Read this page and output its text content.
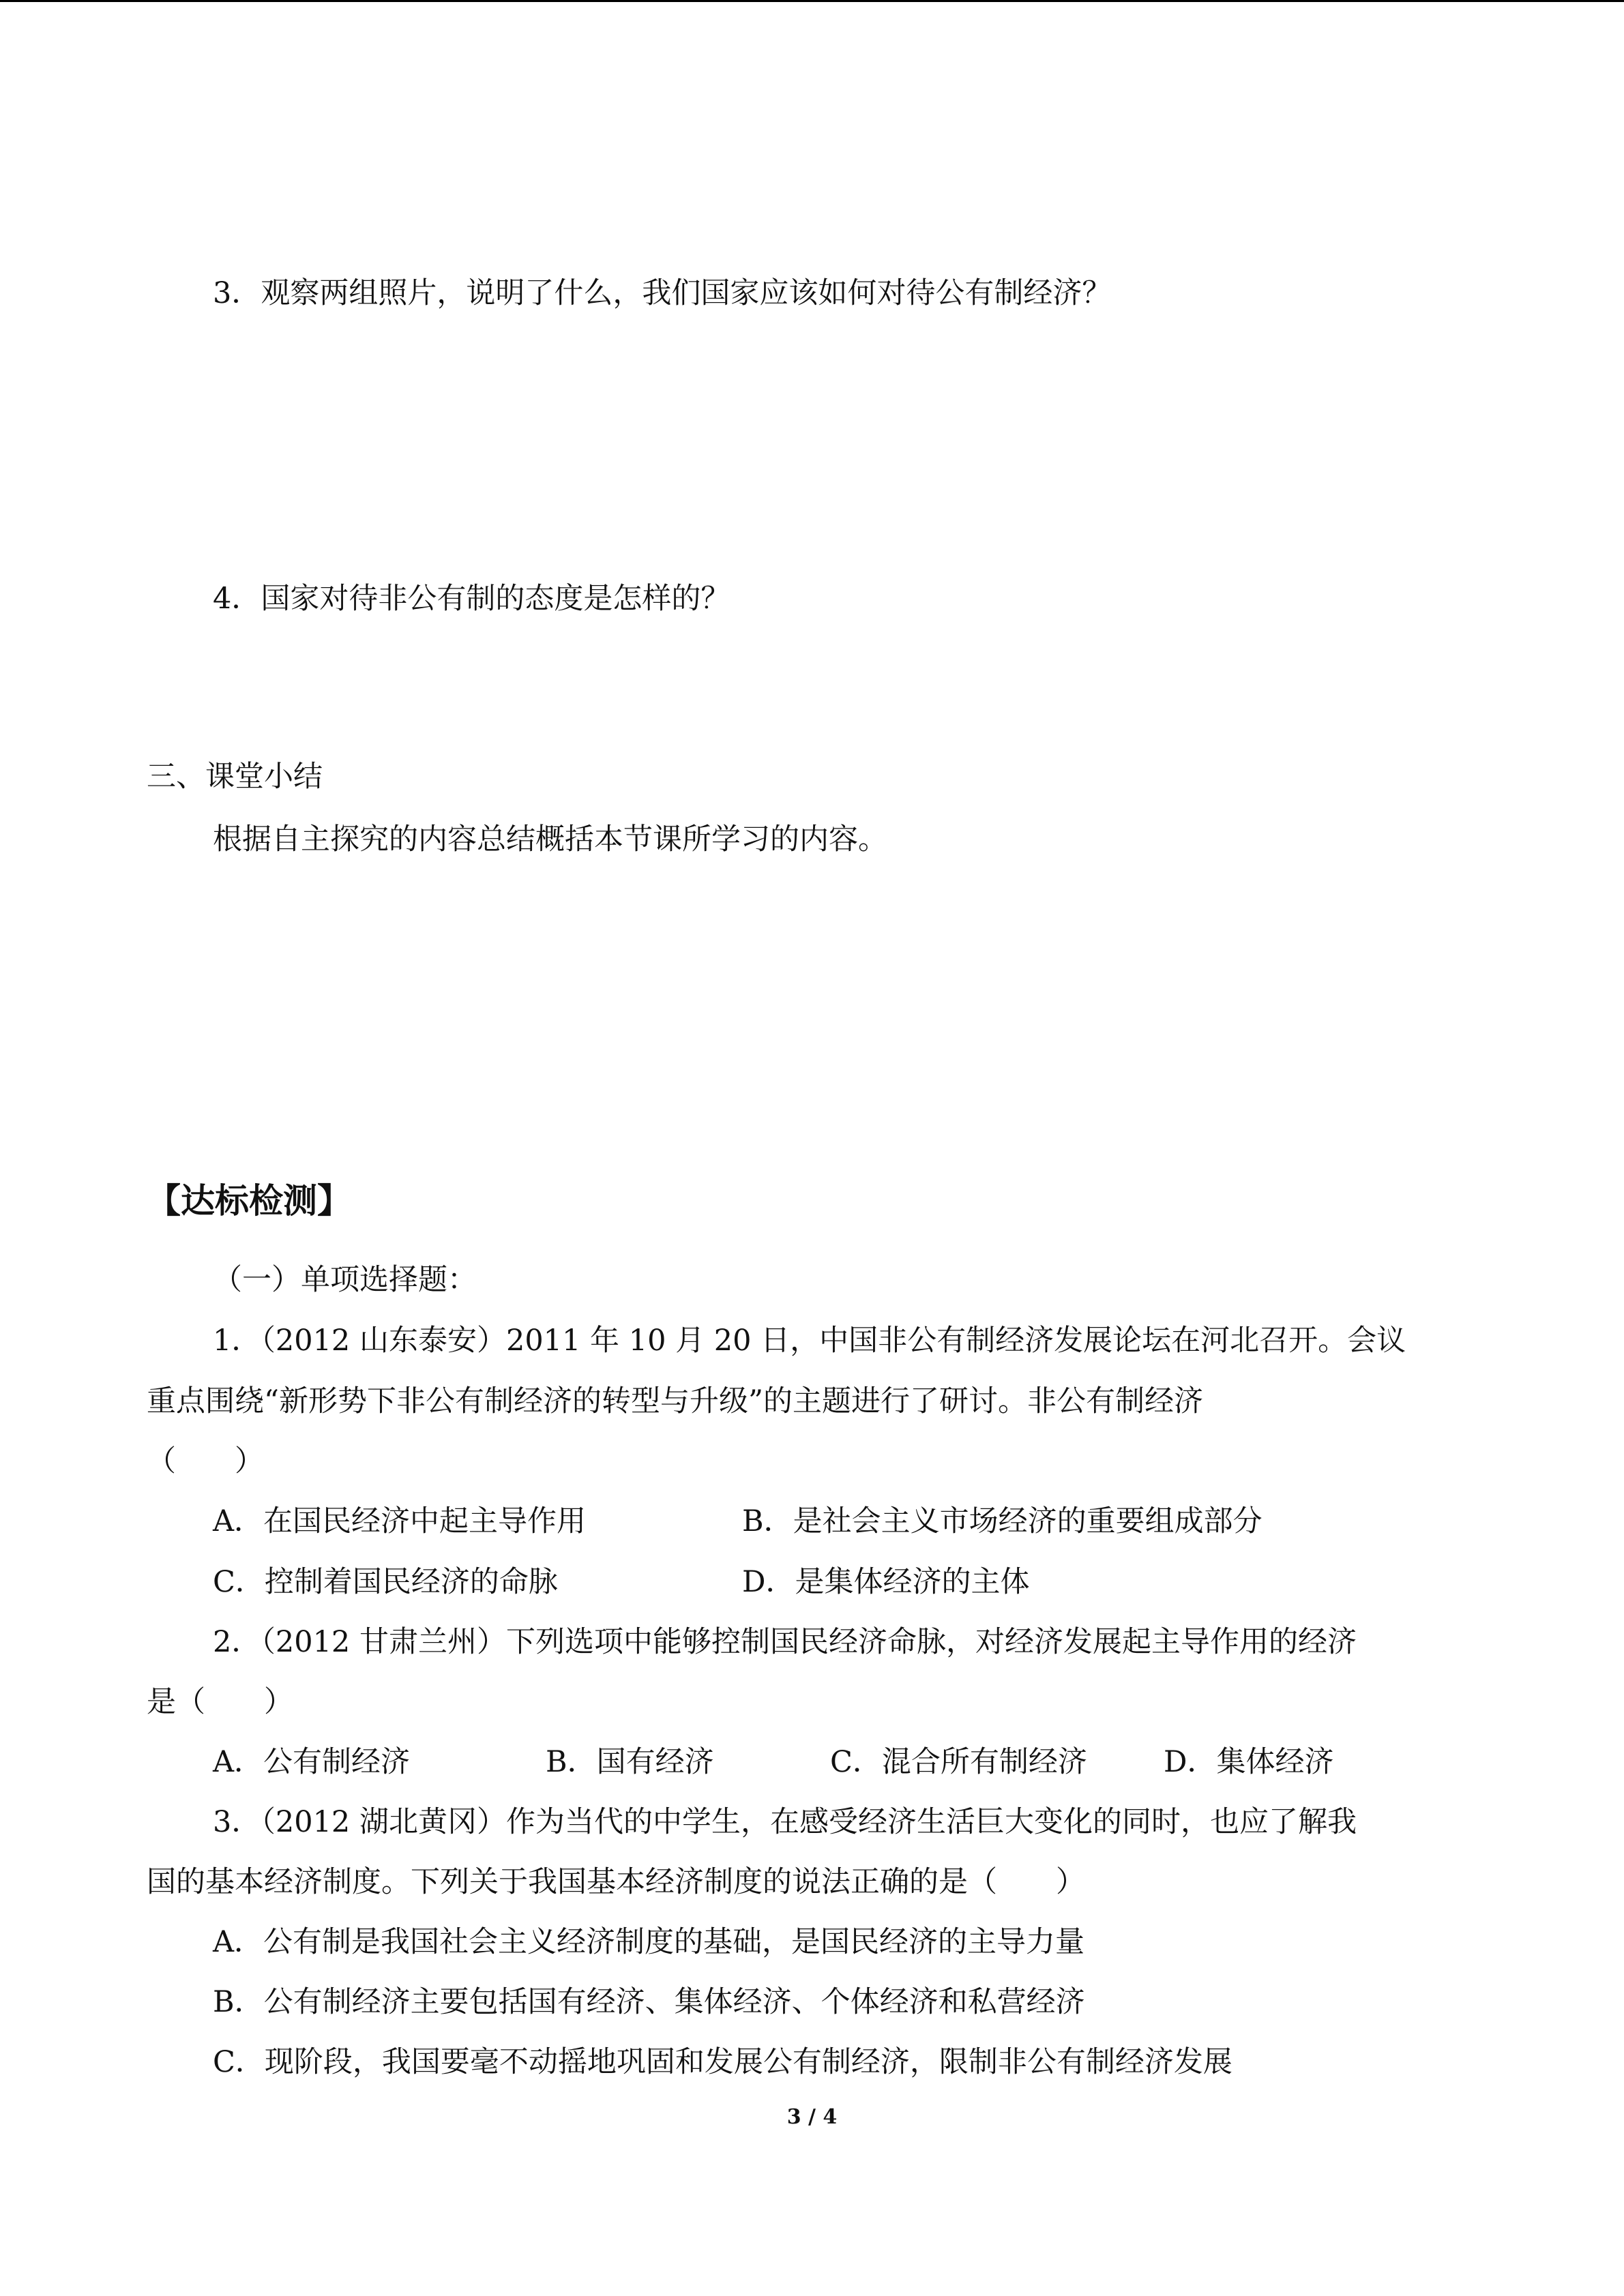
3．观察两组照片，说明了什么，我们国家应该如何对待公有制经济？
4．国家对待非公有制的态度是怎样的？
三、课堂小结
根据自主探究的内容总结概括本节课所学习的内容。
【达标检测】
（一）单项选择题：
1．（2012 山东泰安）2011 年 10 月 20 日，中国非公有制经济发展论坛在河北召开。会议
重点围绕“新形势下非公有制经济的转型与升级”的主题进行了研讨。非公有制经济
（　　）
A．在国民经济中起主导作用	B．是社会主义市场经济的重要组成部分
C．控制着国民经济的命脉	D．是集体经济的主体
2．（2012 甘肃兰州）下列选项中能够控制国民经济命脉，对经济发展起主导作用的经济
是（　　）
A．公有制经济	B．国有经济	C．混合所有制经济	D．集体经济
3．（2012 湖北黄冈）作为当代的中学生，在感受经济生活巨大变化的同时，也应了解我
国的基本经济制度。下列关于我国基本经济制度的说法正确的是（　　）
A．公有制是我国社会主义经济制度的基础，是国民经济的主导力量
B．公有制经济主要包括国有经济、集体经济、个体经济和私营经济
C．现阶段，我国要毫不动摇地巩固和发展公有制经济，限制非公有制经济发展
3 / 4
